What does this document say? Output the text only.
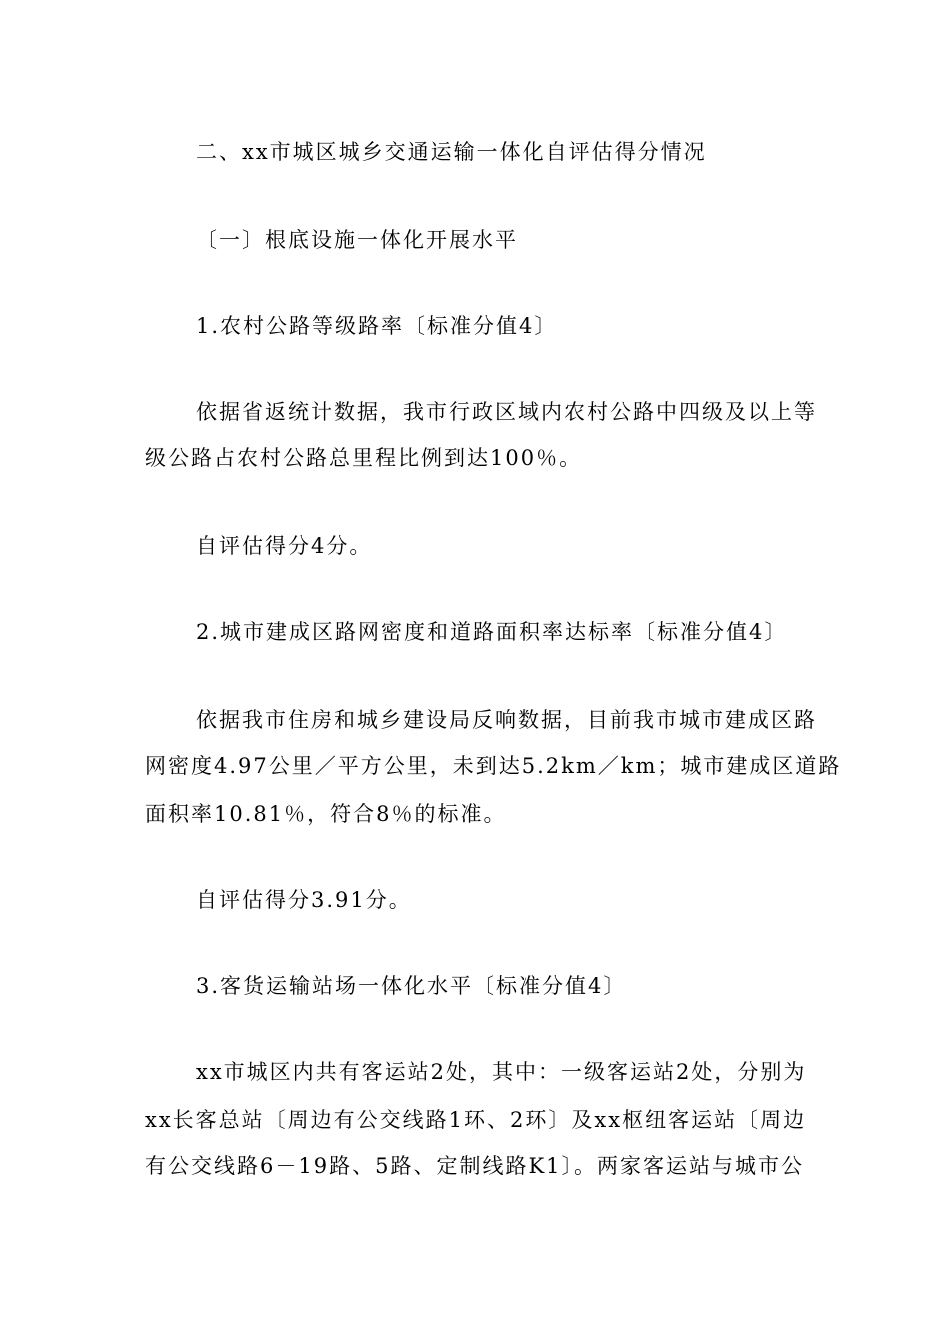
二、xx市城区城乡交通运输一体化自评估得分情况
〔一〕根底设施一体化开展水平
1.农村公路等级路率〔标准分值4〕
依据省返统计数据，我市行政区域内农村公路中四级及以上等
级公路占农村公路总里程比例到达100％。
自评估得分4分。
2.城市建成区路网密度和道路面积率达标率〔标准分值4〕
依据我市住房和城乡建设局反响数据，目前我市城市建成区路
网密度4.97公里／平方公里，未到达5.2km／km；城市建成区道路
面积率10.81％，符合8％的标准。
自评估得分3.91分。
3.客货运输站场一体化水平〔标准分值4〕
xx市城区内共有客运站2处，其中：一级客运站2处，分别为
xx长客总站〔周边有公交线路1环、2环〕及xx枢纽客运站〔周边
有公交线路6－19路、5路、定制线路K1〕。两家客运站与城市公
